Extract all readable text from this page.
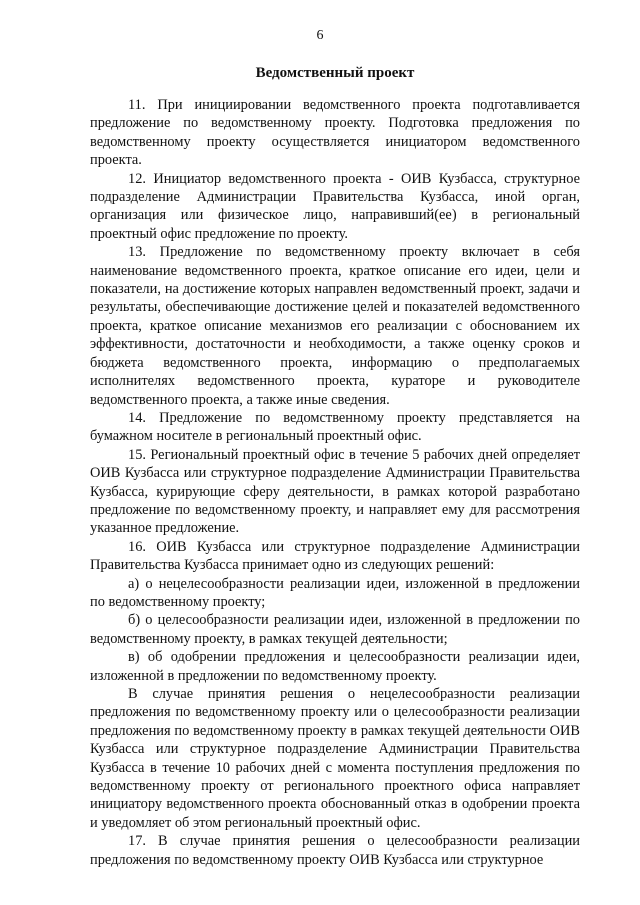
6
Ведомственный проект

11. При инициировании ведомственного проекта подготавливается предложение по ведомственному проекту. Подготовка предложения по ведомственному проекту осуществляется инициатором ведомственного проекта.

12. Инициатор ведомственного проекта - ОИВ Кузбасса, структурное подразделение Администрации Правительства Кузбасса, иной орган, организация или физическое лицо, направивший(ее) в региональный проектный офис предложение по проекту.

13. Предложение по ведомственному проекту включает в себя наименование ведомственного проекта, краткое описание его идеи, цели и показатели, на достижение которых направлен ведомственный проект, задачи и результаты, обеспечивающие достижение целей и показателей ведомственного проекта, краткое описание механизмов его реализации с обоснованием их эффективности, достаточности и необходимости, а также оценку сроков и бюджета ведомственного проекта, информацию о предполагаемых исполнителях ведомственного проекта, кураторе и руководителе ведомственного проекта, а также иные сведения.

14. Предложение по ведомственному проекту представляется на бумажном носителе в региональный проектный офис.

15. Региональный проектный офис в течение 5 рабочих дней определяет ОИВ Кузбасса или структурное подразделение Администрации Правительства Кузбасса, курирующие сферу деятельности, в рамках которой разработано предложение по ведомственному проекту, и направляет ему для рассмотрения указанное предложение.

16. ОИВ Кузбасса или структурное подразделение Администрации Правительства Кузбасса принимает одно из следующих решений:

а) о нецелесообразности реализации идеи, изложенной в предложении по ведомственному проекту;

б) о целесообразности реализации идеи, изложенной в предложении по ведомственному проекту, в рамках текущей деятельности;

в) об одобрении предложения и целесообразности реализации идеи, изложенной в предложении по ведомственному проекту.

В случае принятия решения о нецелесообразности реализации предложения по ведомственному проекту или о целесообразности реализации предложения по ведомственному проекту в рамках текущей деятельности ОИВ Кузбасса или структурное подразделение Администрации Правительства Кузбасса в течение 10 рабочих дней с момента поступления предложения по ведомственному проекту от регионального проектного офиса направляет инициатору ведомственного проекта обоснованный отказ в одобрении проекта и уведомляет об этом региональный проектный офис.

17. В случае принятия решения о целесообразности реализации предложения по ведомственному проекту ОИВ Кузбасса или структурное
